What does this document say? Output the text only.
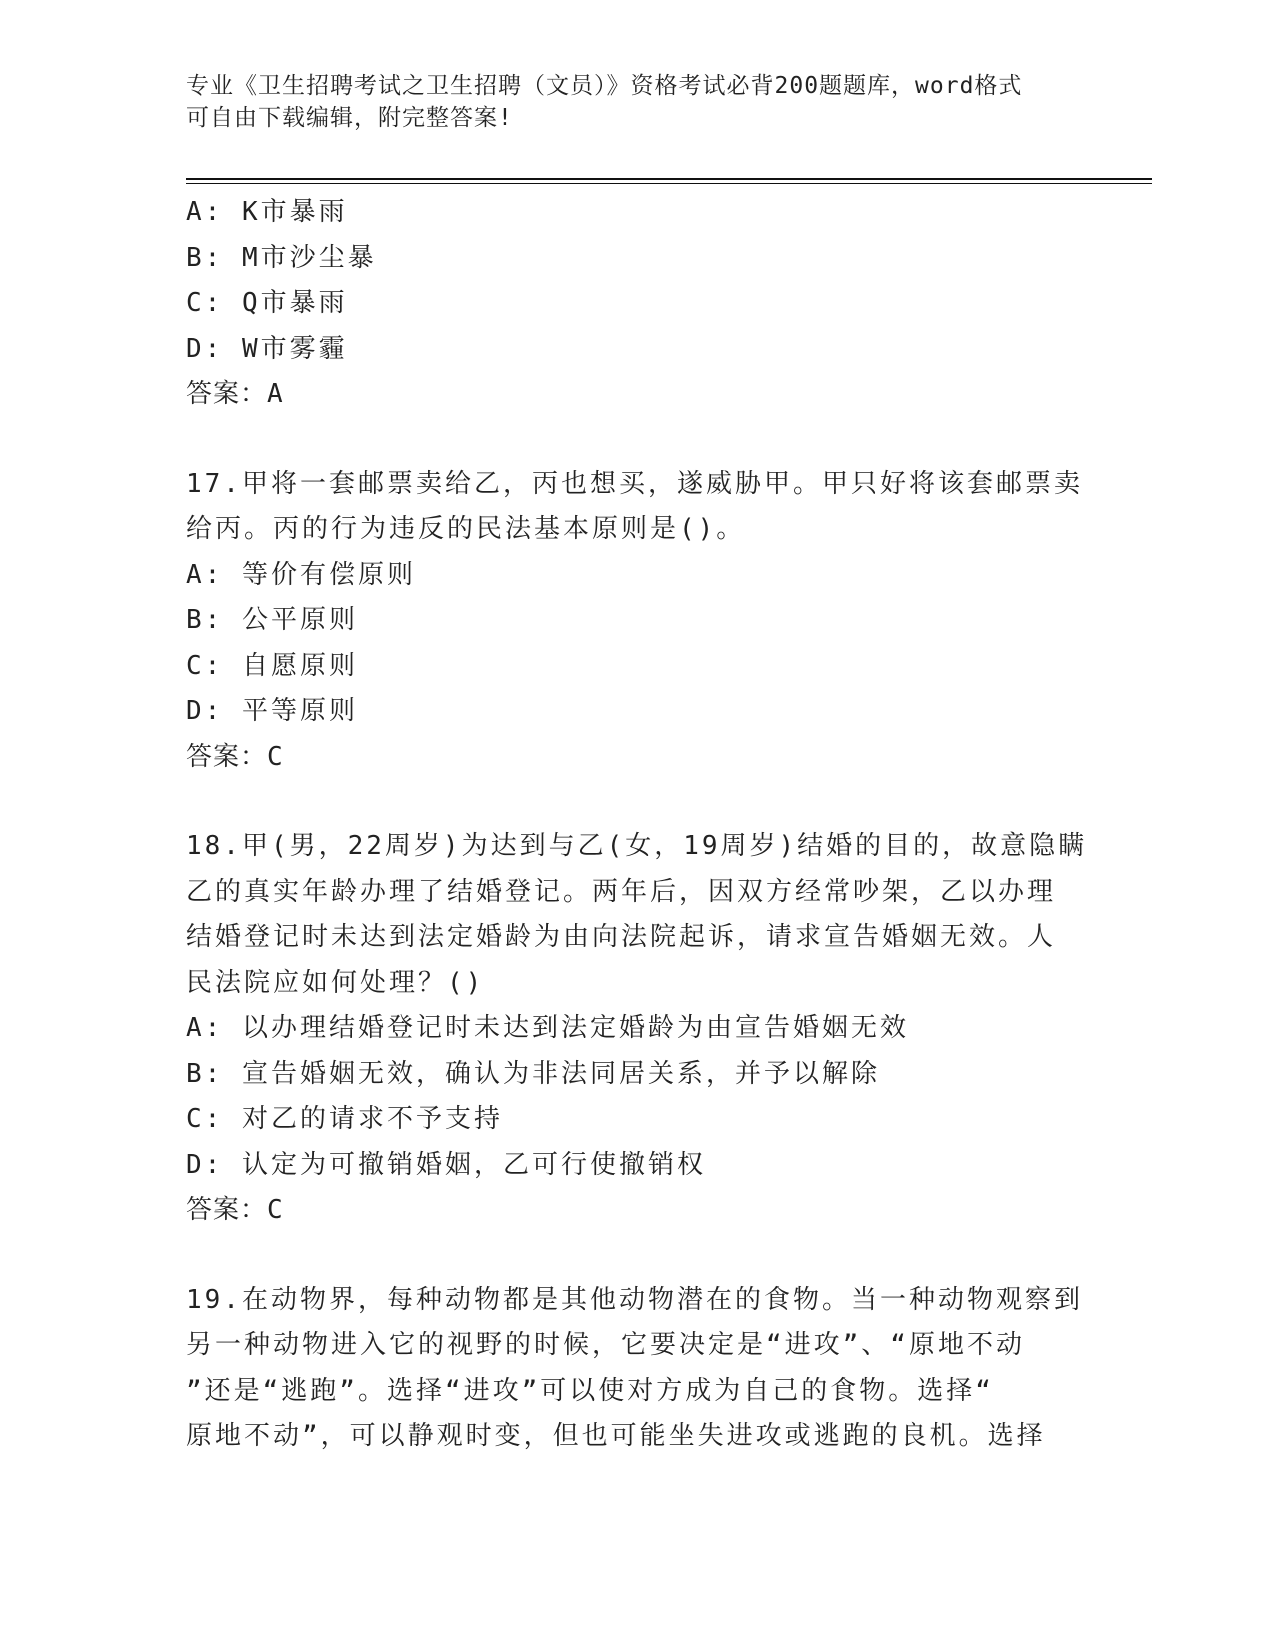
专业《卫生招聘考试之卫生招聘（文员）》资格考试必背200题题库，word格式
可自由下载编辑，附完整答案!
A: K市暴雨
B: M市沙尘暴
C: Q市暴雨
D: W市雾霾
答案：A
17.甲将一套邮票卖给乙，丙也想买，遂威胁甲。甲只好将该套邮票卖
给丙。丙的行为违反的民法基本原则是()。
A: 等价有偿原则
B: 公平原则
C: 自愿原则
D: 平等原则
答案：C
18.甲(男，22周岁)为达到与乙(女，19周岁)结婚的目的，故意隐瞒
乙的真实年龄办理了结婚登记。两年后，因双方经常吵架，乙以办理
结婚登记时未达到法定婚龄为由向法院起诉，请求宣告婚姻无效。人
民法院应如何处理？()
A: 以办理结婚登记时未达到法定婚龄为由宣告婚姻无效
B: 宣告婚姻无效，确认为非法同居关系，并予以解除
C: 对乙的请求不予支持
D: 认定为可撤销婚姻，乙可行使撤销权
答案：C
19.在动物界，每种动物都是其他动物潜在的食物。当一种动物观察到
另一种动物进入它的视野的时候，它要决定是“进攻”、“原地不动
”还是“逃跑”。选择“进攻”可以使对方成为自己的食物。选择“
原地不动”，可以静观时变，但也可能坐失进攻或逃跑的良机。选择
